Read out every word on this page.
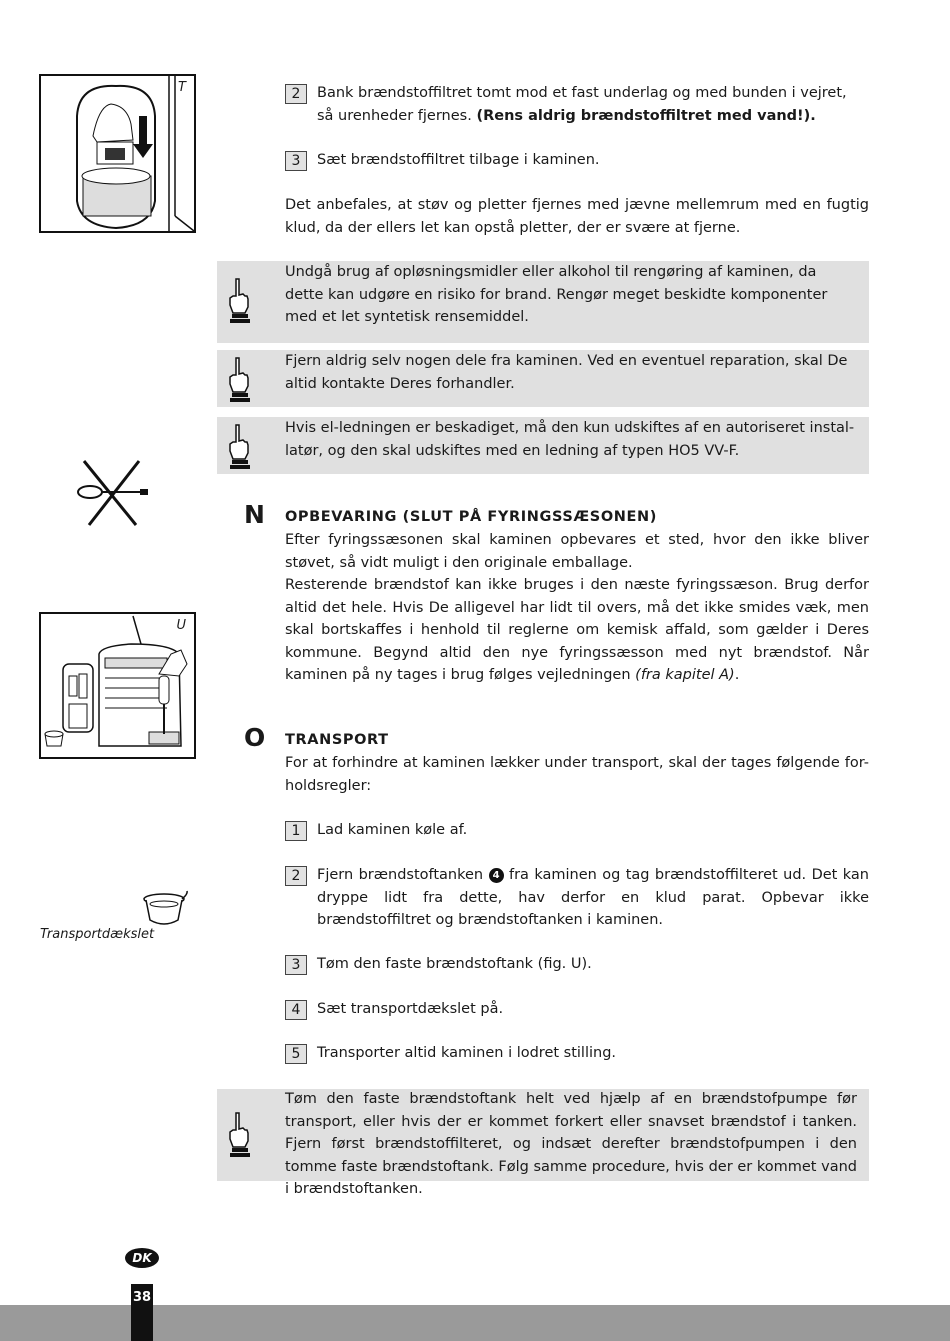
T	2	Bank brændstoffiltret tomt mod et fast underlag og med bunden i vejret,
så urenheder fjernes. (Rens aldrig brændstoffiltret med vand!).
3	Sæt brændstoffiltret tilbage i kaminen.
Det anbefales, at støv og pletter fjernes med jævne mellemrum med en fugtig klud, da der ellers let kan opstå pletter, der er svære at fjerne.
Undgå brug af opløsningsmidler eller alkohol til rengøring af kaminen, da dette kan udgøre en risiko for brand. Rengør meget beskidte komponenter med et let syntetisk rensemiddel.
Fjern aldrig selv nogen dele fra kaminen. Ved en eventuel reparation, skal De altid kontakte Deres forhandler.
Hvis el-ledningen er beskadiget, må den kun udskiftes af en autoriseret instal-latør, og den skal udskiftes med en ledning af typen HO5 VV-F.
N OPBEVARING (SLUT PÅ FYRINGSSÆSONEN)
Efter fyringssæsonen skal kaminen opbevares et sted, hvor den ikke bliver støvet, så vidt muligt i den originale emballage.
Resterende brændstof kan ikke bruges i den næste fyringssæson. Brug derfor altid det hele. Hvis De alligevel har lidt til overs, må det ikke smides væk, men skal bortskaffes i henhold til reglerne om kemisk affald, som gælder i Deres kommune. Begynd altid den nye fyringssæsson med nyt brændstof. Når kaminen på ny tages i brug følges vejledningen (fra kapitel A).
U
O TRANSPORT
For at forhindre at kaminen lækker under transport, skal der tages følgende for-holdsregler:
1	Lad kaminen køle af.
2	Fjern brændstoftanken 4 fra kaminen og tag brændstoffilteret ud. Det kan dryppe lidt fra dette, hav derfor en klud parat. Opbevar ikke brændstoffiltret og brændstoftanken i kaminen.
3	Tøm den faste brændstoftank (fig. U).
4	Sæt transportdækslet på.
5	Transporter altid kaminen i lodret stilling.
Transportdækslet
Tøm den faste brændstoftank helt ved hjælp af en brændstofpumpe før transport, eller hvis der er kommet forkert eller snavset brændstof i tanken. Fjern først brændstoffilteret, og indsæt derefter brændstofpumpen i den tomme faste brændstoftank. Følg samme procedure, hvis der er kommet vand i brændstoftanken.
38
DK
